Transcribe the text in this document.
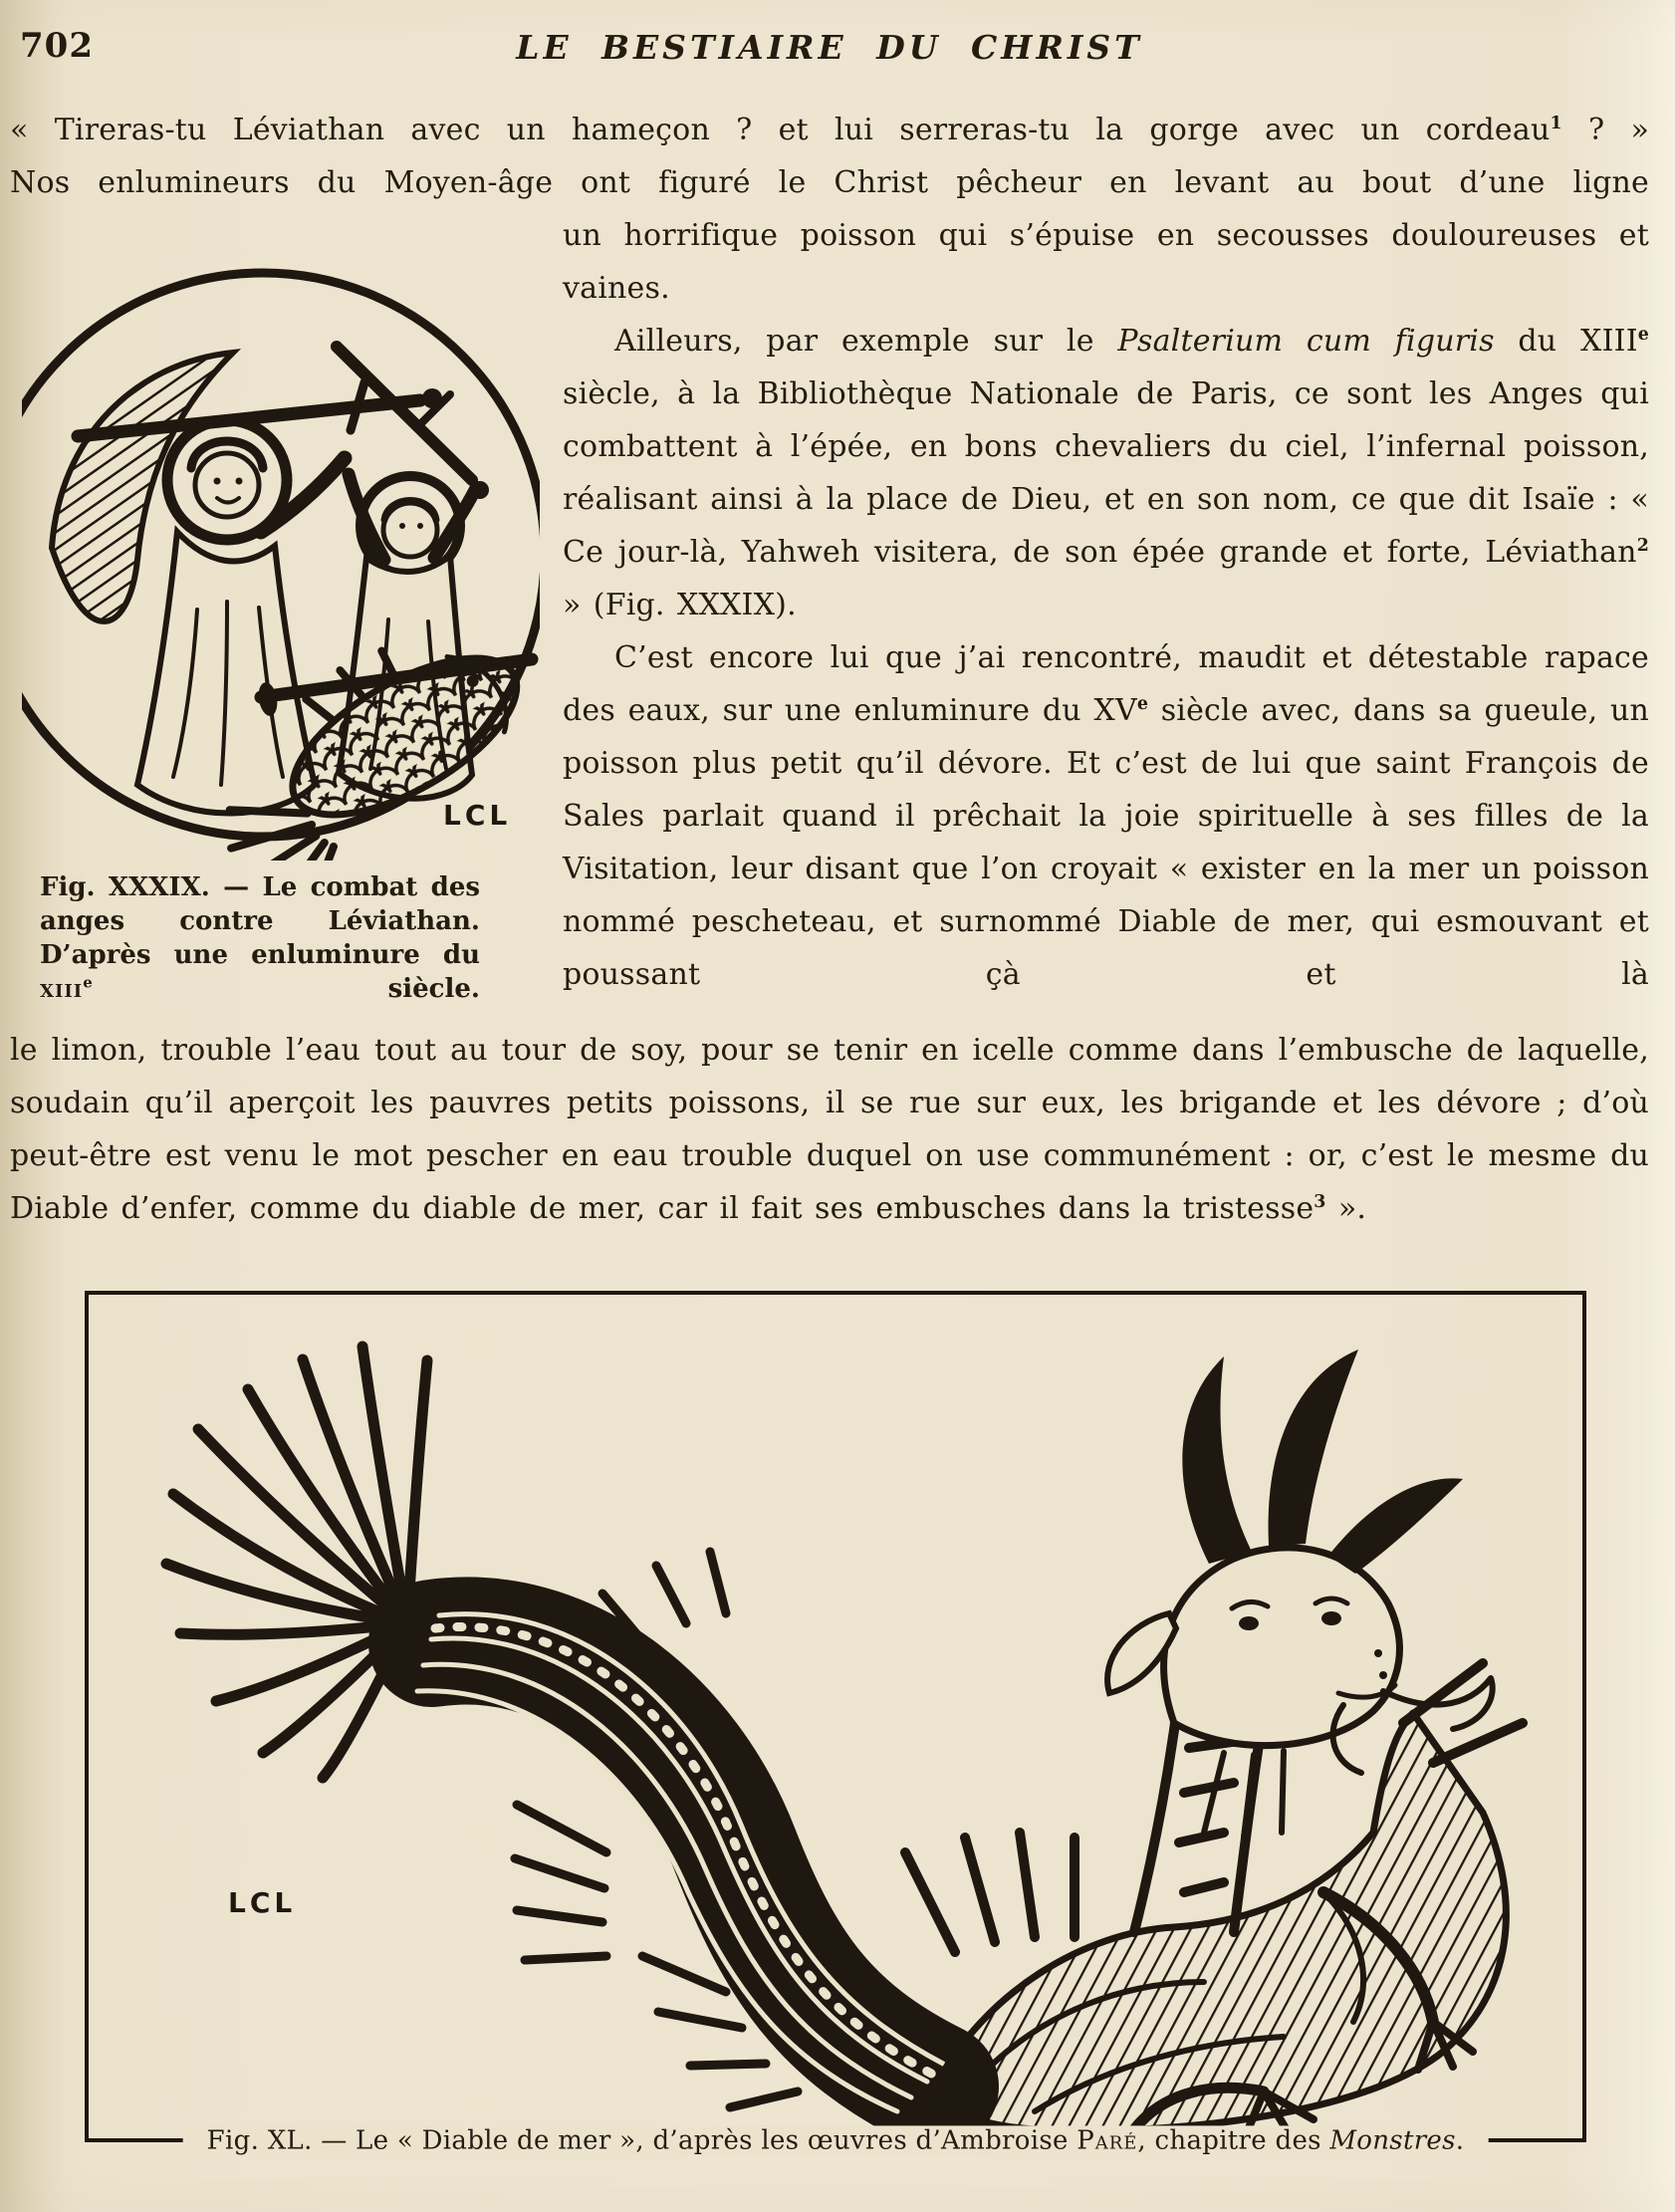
702	LE BESTIAIRE DU CHRIST

« Tireras-tu Léviathan avec un hameçon ? et lui serreras-tu la gorge avec un cordeau$^1$ ? »
Nos enlumineurs du Moyen-âge ont figuré le Christ pêcheur en levant au bout d’une ligne

LCL
Fig. XXXIX. — Le combat des anges contre Léviathan. D’après une enluminure du xiii$^e$ siècle.

un horrifique poisson qui s’épuise en secousses douloureuses et vaines.

Ailleurs, par exemple sur le Psalterium cum figuris du XIIIe siècle, à la Bibliothèque Nationale de Paris, ce sont les Anges qui combattent à l’épée, en bons chevaliers du ciel, l’infernal poisson, réalisant ainsi à la place de Dieu, et en son nom, ce que dit Isaïe : « Ce jour-là, Yahweh visitera, de son épée grande et forte, Léviathan$^2$ » (Fig. XXXIX).

C’est encore lui que j’ai rencontré, maudit et détestable rapace des eaux, sur une enluminure du XVe siècle avec, dans sa gueule, un poisson plus petit qu’il dévore. Et c’est de lui que saint François de Sales parlait quand il prêchait la joie spirituelle à ses filles de la Visitation, leur disant que l’on croyait « exister en la mer un poisson nommé pescheteau, et surnommé Diable de mer, qui esmouvant et poussant çà et là

le limon, trouble l’eau tout au tour de soy, pour se tenir en icelle comme dans l’embusche de laquelle, soudain qu’il aperçoit les pauvres petits poissons, il se rue sur eux, les brigande et les dévore ; d’où peut-être est venu le mot pescher en eau trouble duquel on use communément : or, c’est le mesme du Diable d’enfer, comme du diable de mer, car il fait ses embusches dans la tristesse$^3$ ».

LCL
Fig. XL. — Le « Diable de mer », d’après les œuvres d’Ambroise Paré, chapitre des Monstres.
